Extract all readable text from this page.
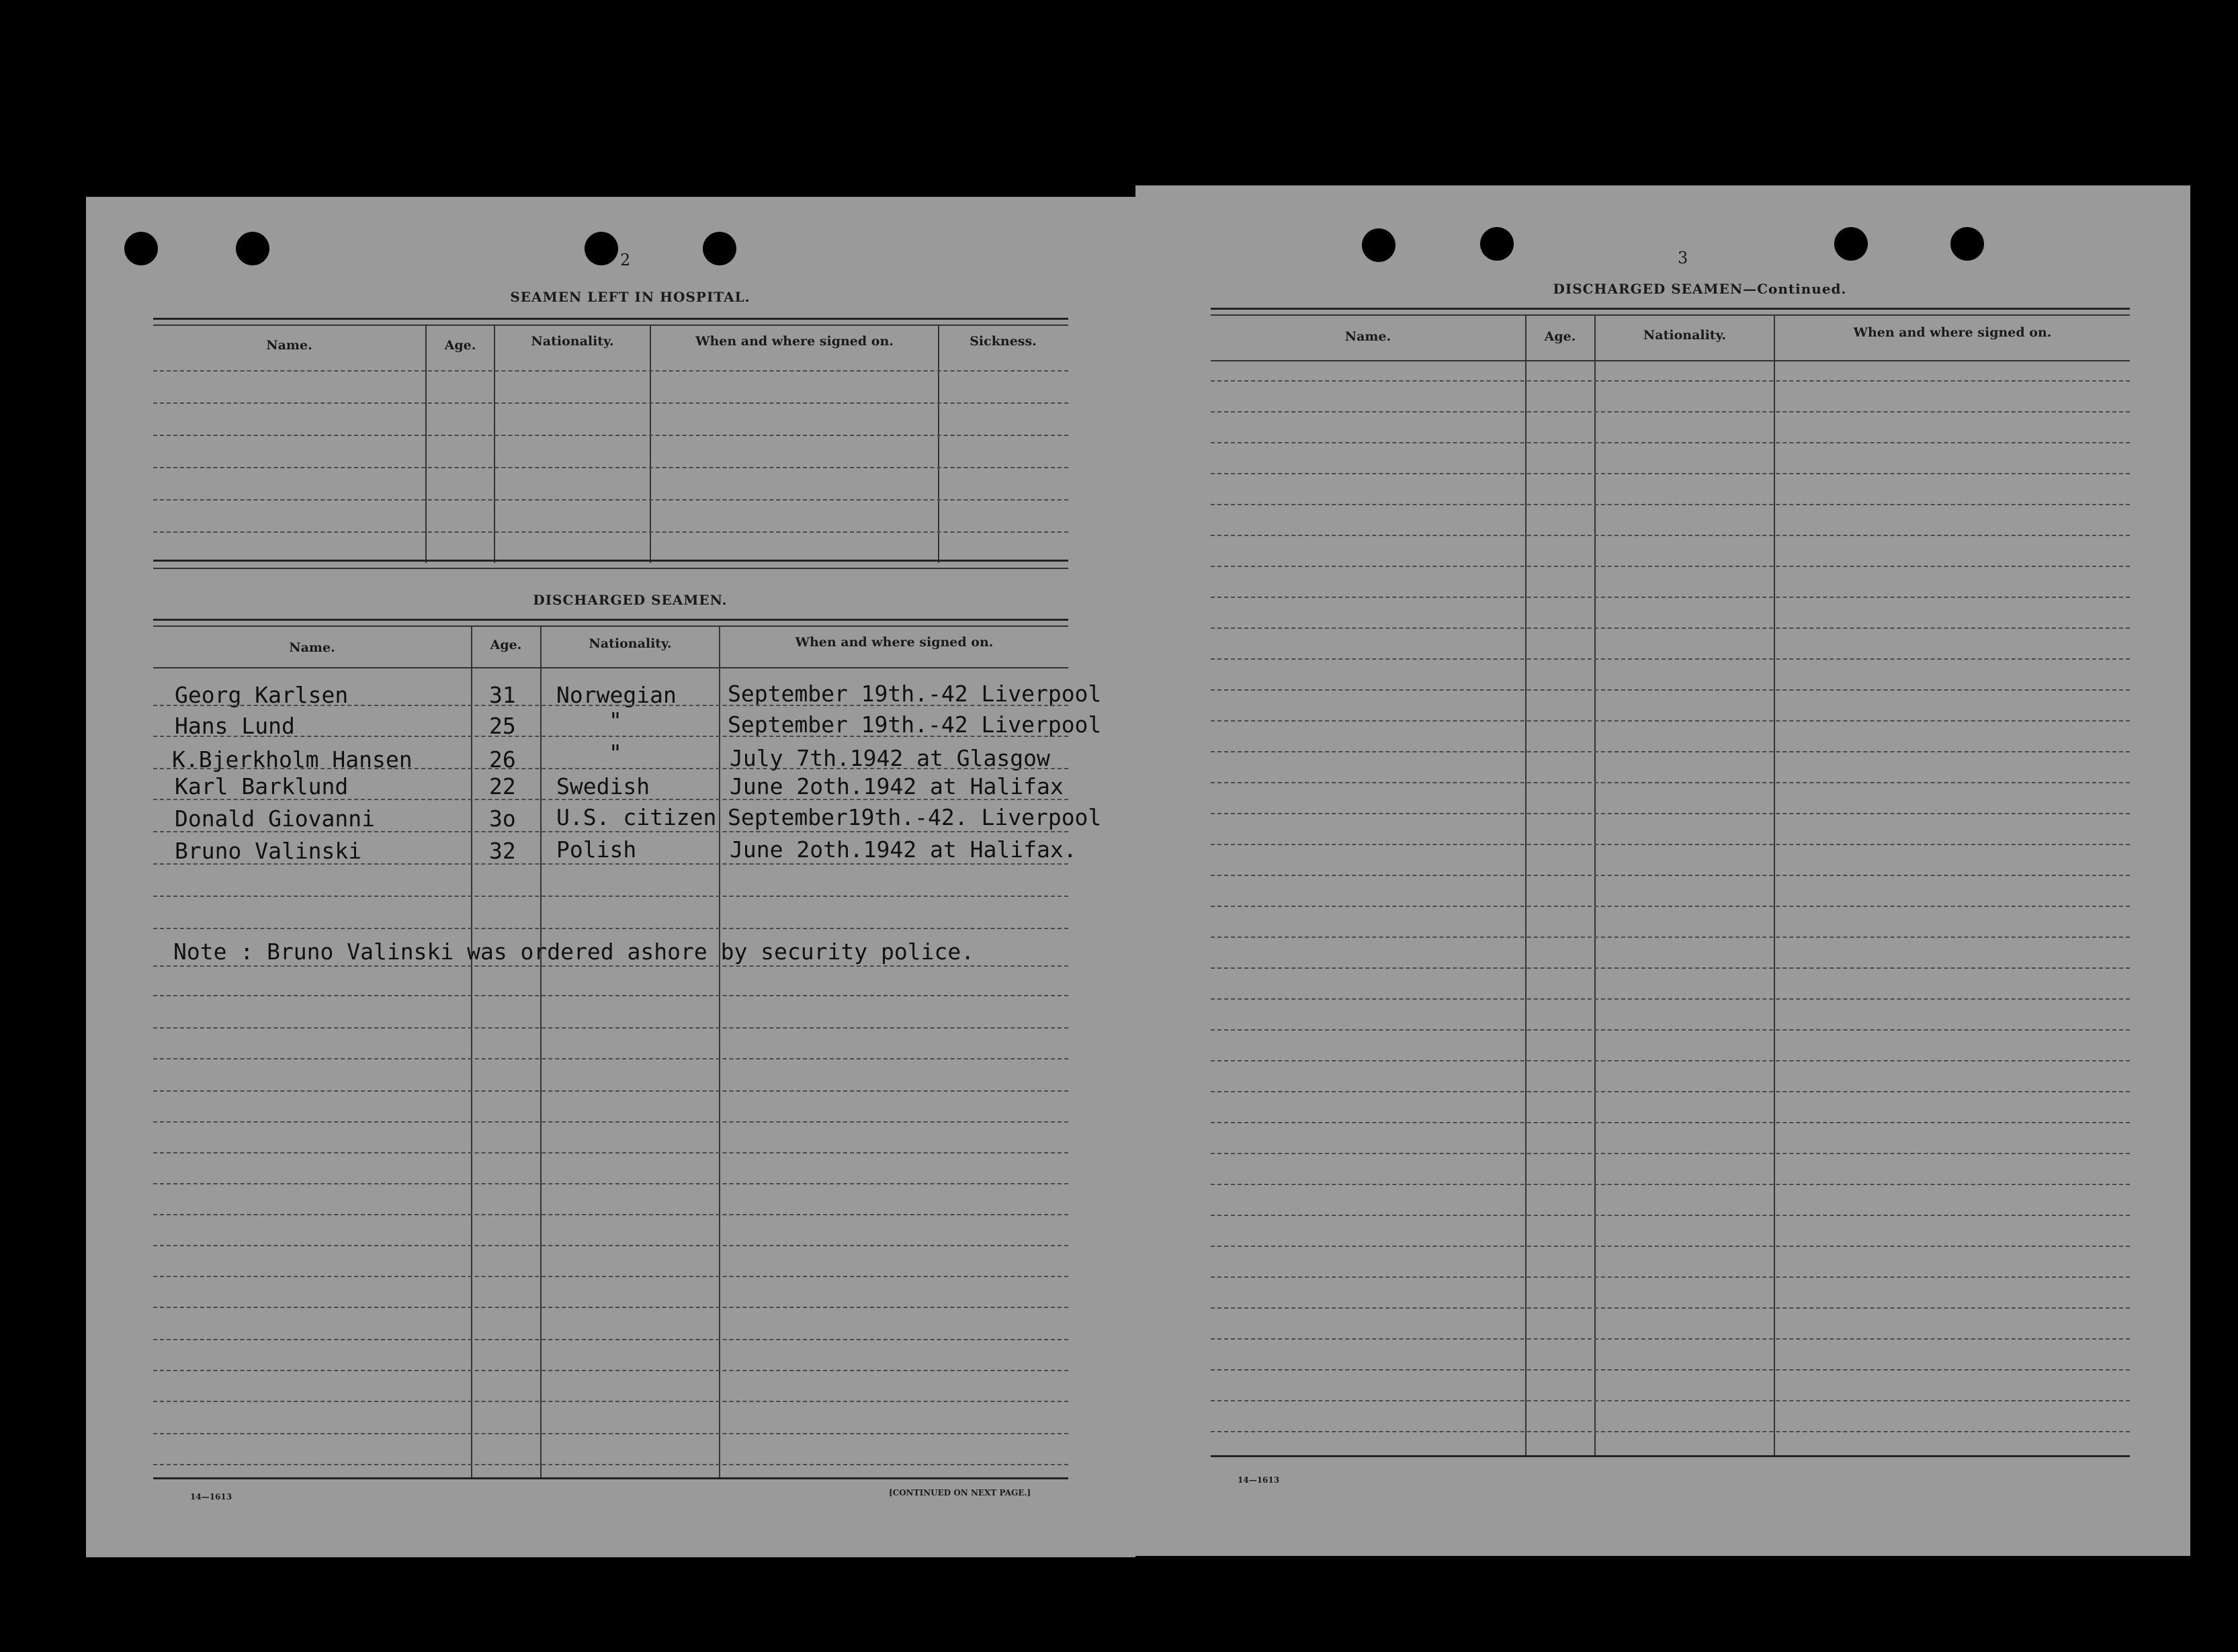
2
SEAMEN LEFT IN HOSPITAL.
Name.	Age.	Nationality.	When and where signed on.	Sickness.
DISCHARGED SEAMEN.
Name.	Age.	Nationality.	When and where signed on.
Georg Karlsen	31 Norwegian September 19th.-42 Liverpool
Hans Lund	25	"	September 19th.-42 Liverpool
K.Bjerkholm Hansen	26	"	July 7th.1942 at Glasgow
Karl Barklund	22 Swedish	June 2oth.1942 at Halifax
Donald Giovanni	3o U.S. citizen September19th.-42. Liverpool
Bruno Valinski	32 Polish	June 2oth.1942 at Halifax.
Note : Bruno Valinski was ordered ashore by security police.
14—1613	[CONTINUED ON NEXT PAGE.]
3
DISCHARGED SEAMEN—Continued.
Name.	Age.	Nationality.	When and where signed on.
14—1613
